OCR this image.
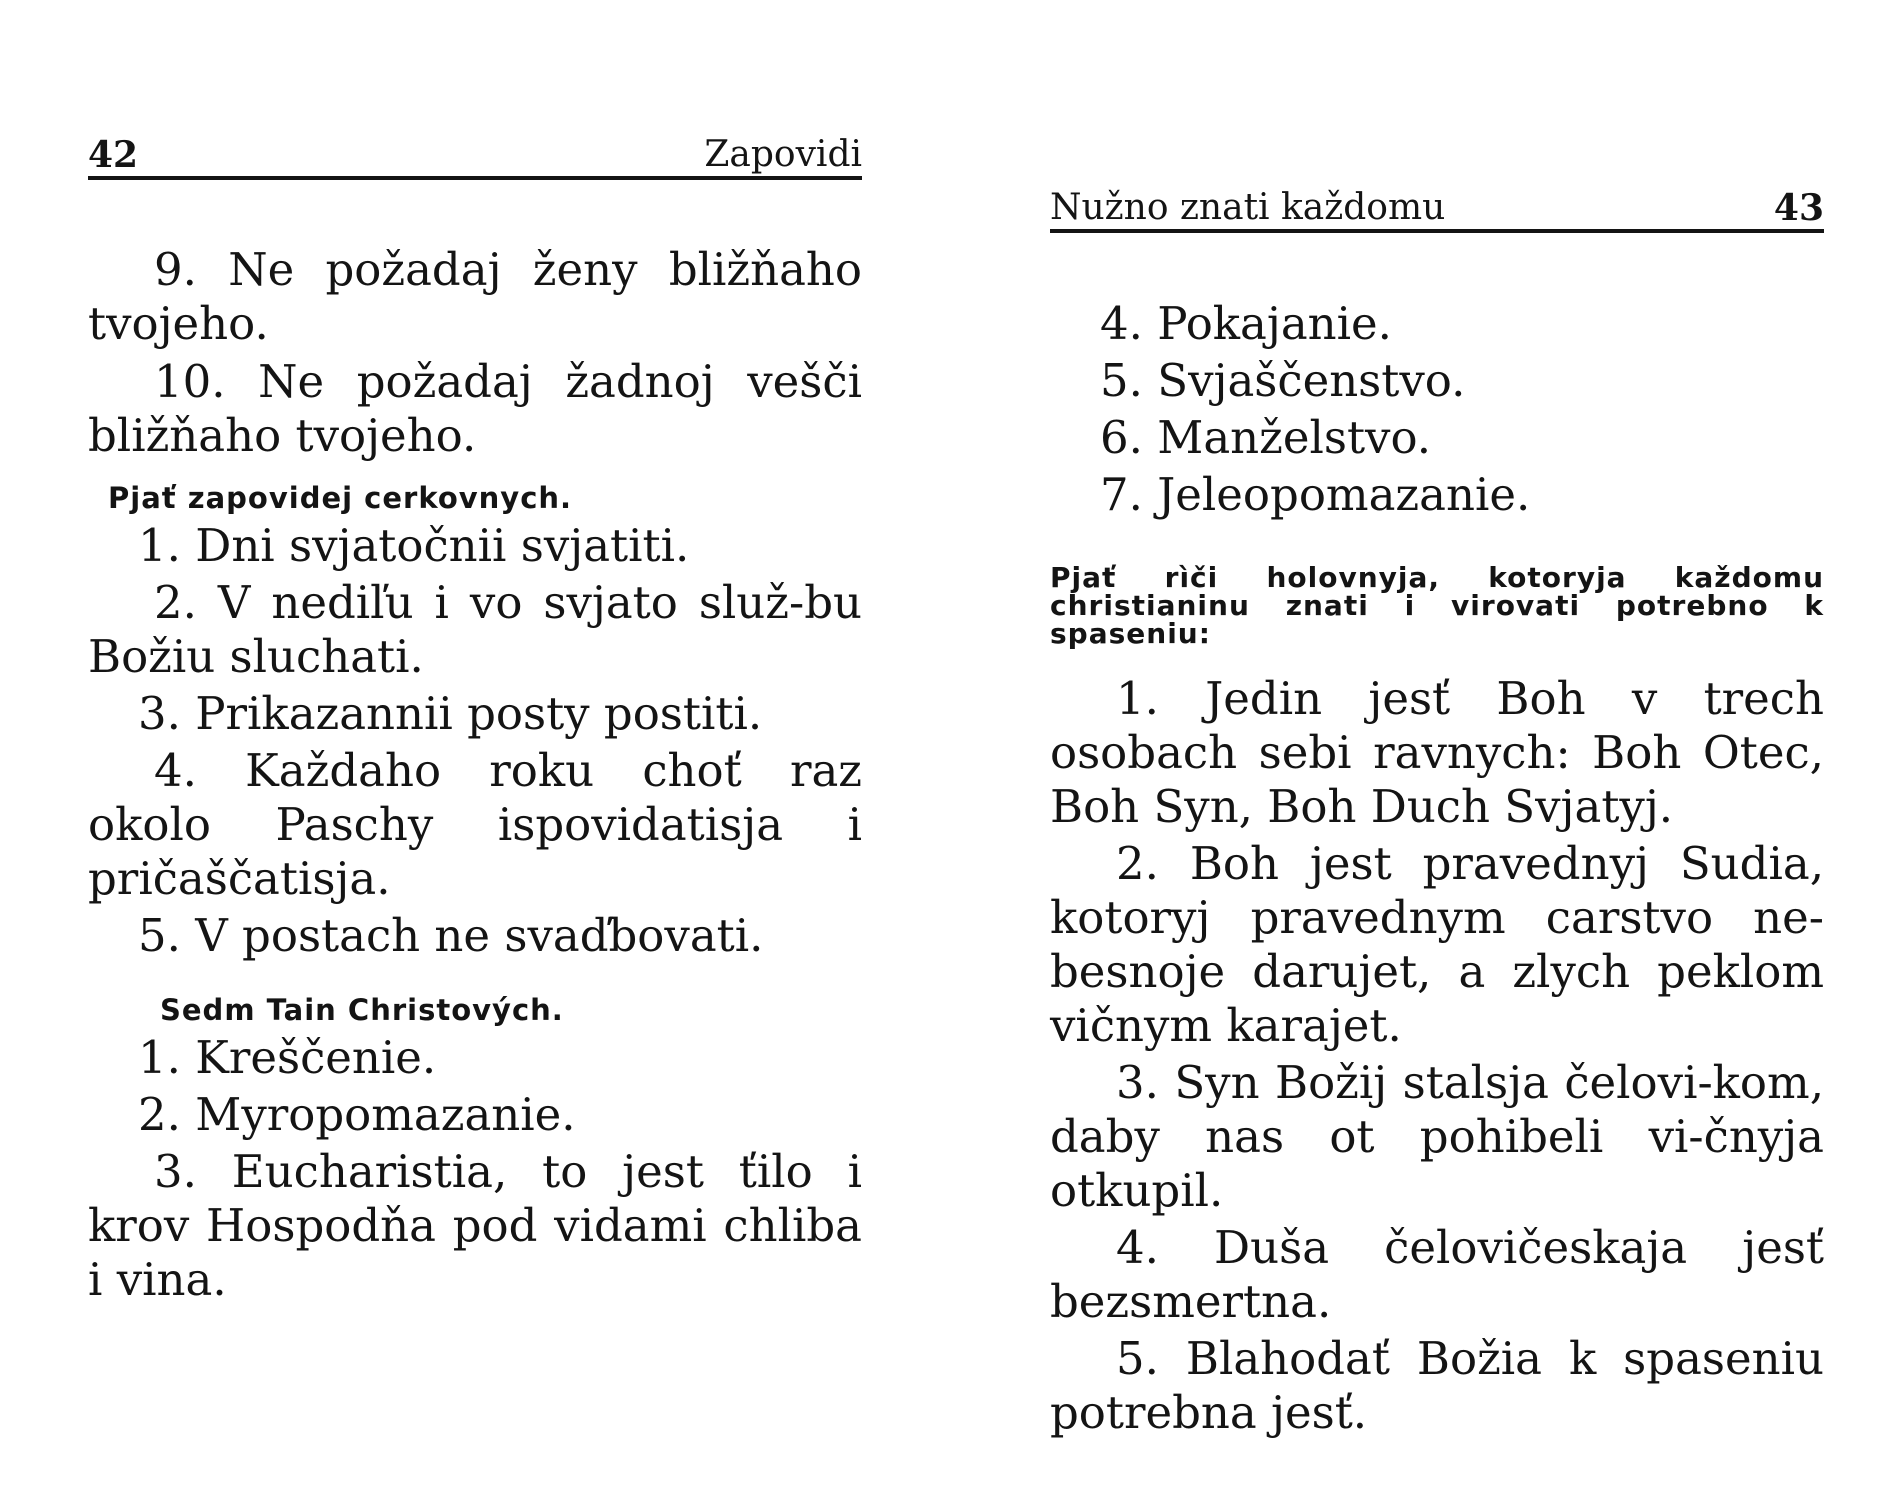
42	Zapovidi

9. Ne požadaj ženy bližňaho tvojeho.

10. Ne požadaj žadnoj vešči bližňaho tvojeho.

Pjať zapovidej cerkovnych.

1. Dni svjatočnii svjatiti.

2. V nediľu i vo svjato služ-bu Božiu sluchati.

3. Prikazannii posty postiti.

4. Každaho roku choť raz okolo Paschy ispovidatisja i pričaščatisja.

5. V postach ne svaďbovati.

Sedm Tain Christových.

1. Kreščenie.

2. Myropomazanie.

3. Eucharistia, to jest ťilo i krov Hospodňa pod vidami chliba i vina.

Nužno znati každomu	43

4. Pokajanie.

5. Svjaščenstvo.

6. Manželstvo.

7. Jeleopomazanie.

Pjať rìči holovnyja, kotoryja každomu christianinu znati i virovati potrebno k spaseniu:

1. Jedin jesť Boh v trech osobach sebi ravnych: Boh Otec, Boh Syn, Boh Duch Svjatyj.

2. Boh jest pravednyj Sudia, kotoryj pravednym carstvo ne-besnoje darujet, a zlych peklom vičnym karajet.

3. Syn Božij stalsja čelovi-kom, daby nas ot pohibeli vi-čnyja otkupil.

4. Duša čelovičeskaja jesť bezsmertna.

5. Blahodať Božia k spaseniu potrebna jesť.
